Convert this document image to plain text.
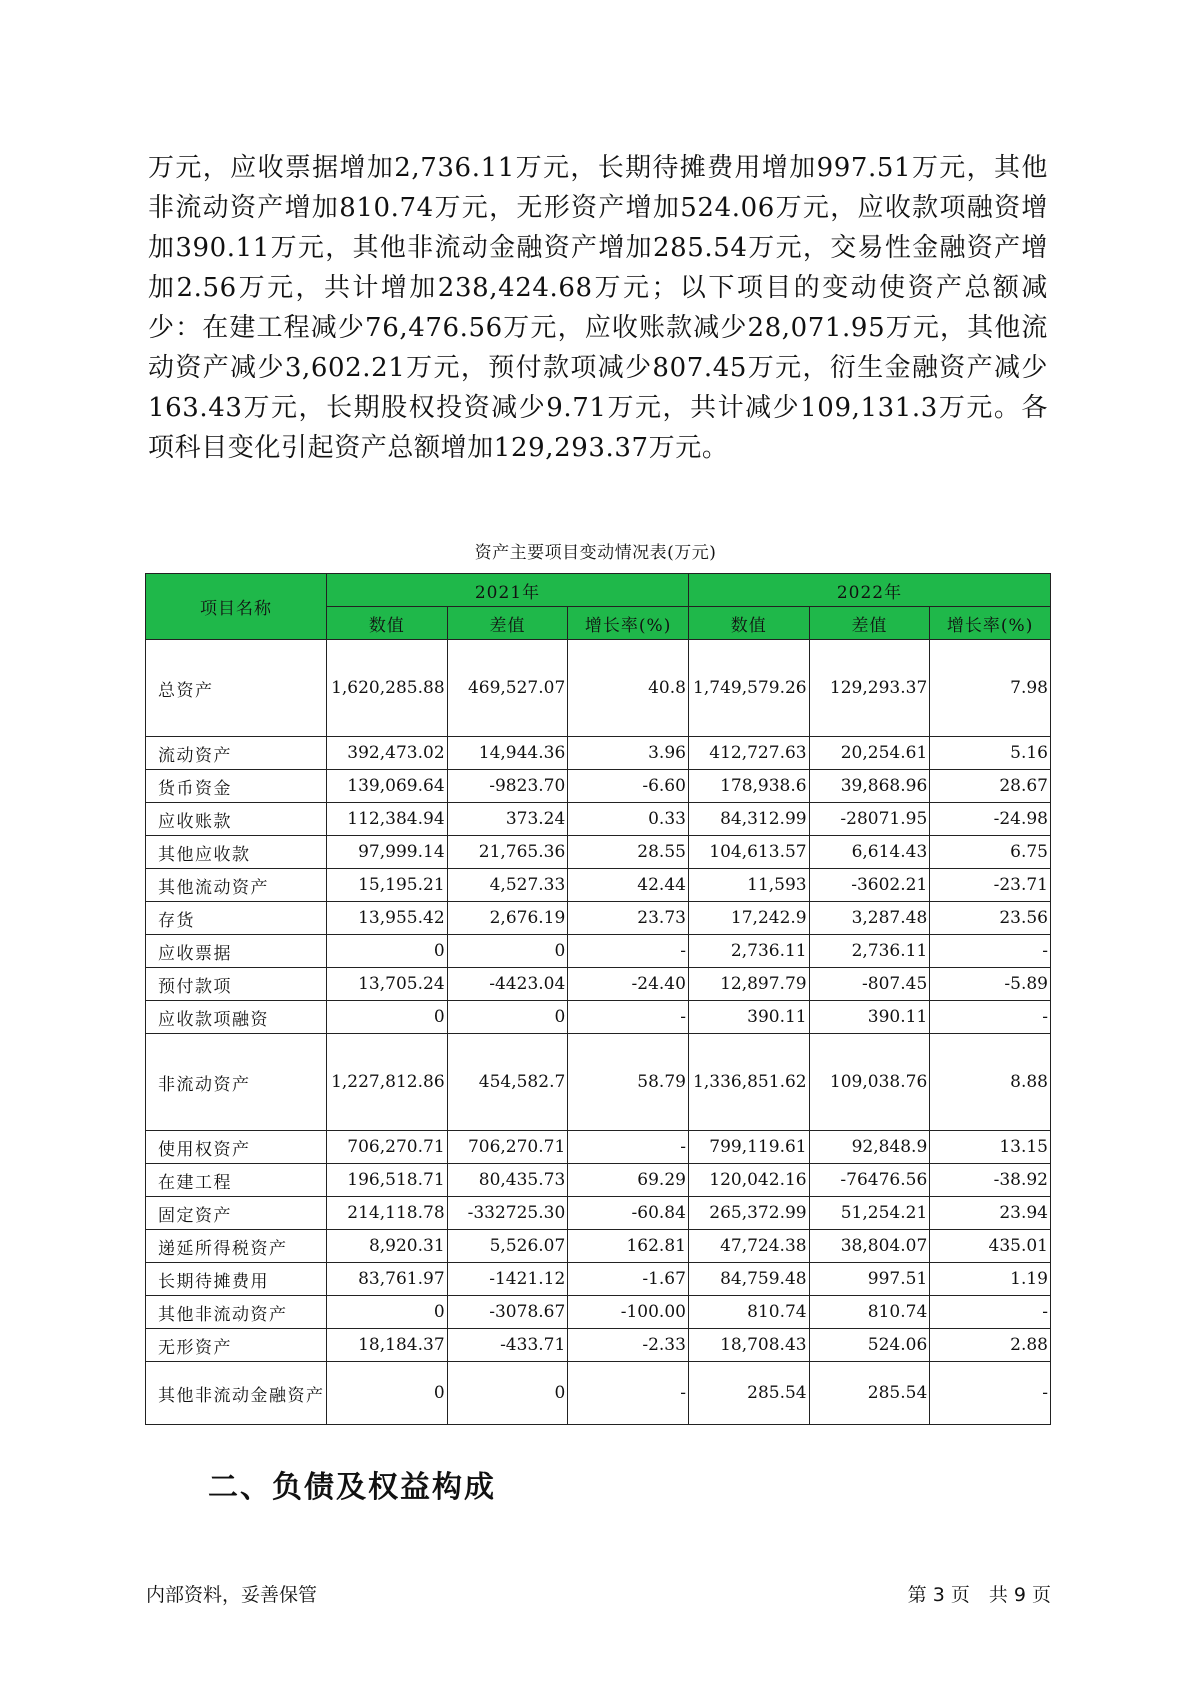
万元，应收票据增加2,736.11万元，长期待摊费用增加997.51万元，其他非流动资产增加810.74万元，无形资产增加524.06万元，应收款项融资增加390.11万元，其他非流动金融资产增加285.54万元，交易性金融资产增加2.56万元，共计增加238,424.68万元；以下项目的变动使资产总额减少：在建工程减少76,476.56万元，应收账款减少28,071.95万元，其他流动资产减少3,602.21万元，预付款项减少807.45万元，衍生金融资产减少163.43万元，长期股权投资减少9.71万元，共计减少109,131.3万元。各项科目变化引起资产总额增加129,293.37万元。

资产主要项目变动情况表(万元)
项目名称	2021年			2022年		
	数值	差值	增长率(%)	数值	差值	增长率(%)
总资产	1,620,285.88	469,527.07	40.8	1,749,579.26	129,293.37	7.98
流动资产	392,473.02	14,944.36	3.96	412,727.63	20,254.61	5.16
货币资金	139,069.64	-9823.70	-6.60	178,938.6	39,868.96	28.67
应收账款	112,384.94	373.24	0.33	84,312.99	-28071.95	-24.98
其他应收款	97,999.14	21,765.36	28.55	104,613.57	6,614.43	6.75
其他流动资产	15,195.21	4,527.33	42.44	11,593	-3602.21	-23.71
存货	13,955.42	2,676.19	23.73	17,242.9	3,287.48	23.56
应收票据	0	0	-	2,736.11	2,736.11	-
预付款项	13,705.24	-4423.04	-24.40	12,897.79	-807.45	-5.89
应收款项融资	0	0	-	390.11	390.11	-
非流动资产	1,227,812.86	454,582.7	58.79	1,336,851.62	109,038.76	8.88
使用权资产	706,270.71	706,270.71	-	799,119.61	92,848.9	13.15
在建工程	196,518.71	80,435.73	69.29	120,042.16	-76476.56	-38.92
固定资产	214,118.78	-332725.30	-60.84	265,372.99	51,254.21	23.94
递延所得税资产	8,920.31	5,526.07	162.81	47,724.38	38,804.07	435.01
长期待摊费用	83,761.97	-1421.12	-1.67	84,759.48	997.51	1.19
其他非流动资产	0	-3078.67	-100.00	810.74	810.74	-
无形资产	18,184.37	-433.71	-2.33	18,708.43	524.06	2.88
其他非流动金融资产	0	0	-	285.54	285.54	-
二、负债及权益构成
内部资料，妥善保管	第 3 页　共 9 页
